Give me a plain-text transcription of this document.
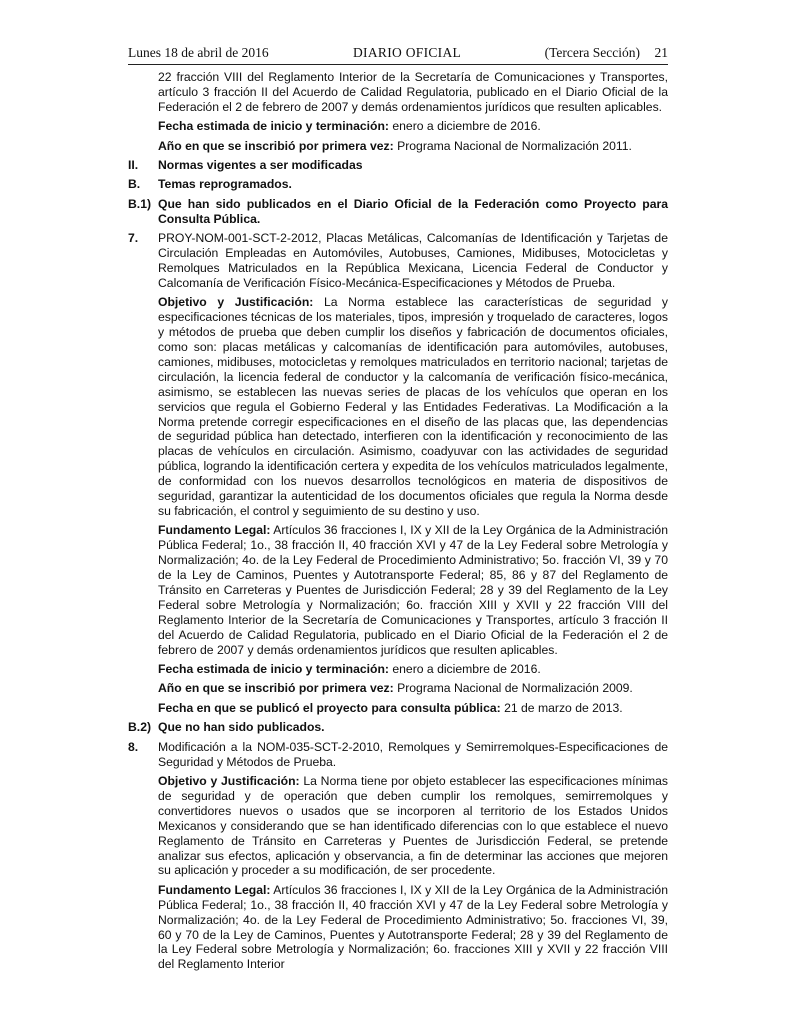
Lunes 18 de abril de 2016	DIARIO OFICIAL	(Tercera Sección) 21

22 fracción VIII del Reglamento Interior de la Secretaría de Comunicaciones y Transportes, artículo 3 fracción II del Acuerdo de Calidad Regulatoria, publicado en el Diario Oficial de la Federación el 2 de febrero de 2007 y demás ordenamientos jurídicos que resulten aplicables.

Fecha estimada de inicio y terminación: enero a diciembre de 2016.

Año en que se inscribió por primera vez: Programa Nacional de Normalización 2011.

II.	Normas vigentes a ser modificadas
B.	Temas reprogramados.
B.1) Que han sido publicados en el Diario Oficial de la Federación como Proyecto para Consulta Pública.
7.	PROY-NOM-001-SCT-2-2012, Placas Metálicas, Calcomanías de Identificación y Tarjetas de Circulación Empleadas en Automóviles, Autobuses, Camiones, Midibuses, Motocicletas y Remolques Matriculados en la República Mexicana, Licencia Federal de Conductor y Calcomanía de Verificación Físico-Mecánica-Especificaciones y Métodos de Prueba.

Objetivo y Justificación: La Norma establece las características de seguridad y especificaciones técnicas de los materiales, tipos, impresión y troquelado de caracteres, logos y métodos de prueba que deben cumplir los diseños y fabricación de documentos oficiales, como son: placas metálicas y calcomanías de identificación para automóviles, autobuses, camiones, midibuses, motocicletas y remolques matriculados en territorio nacional; tarjetas de circulación, la licencia federal de conductor y la calcomanía de verificación físico-mecánica, asimismo, se establecen las nuevas series de placas de los vehículos que operan en los servicios que regula el Gobierno Federal y las Entidades Federativas. La Modificación a la Norma pretende corregir especificaciones en el diseño de las placas que, las dependencias de seguridad pública han detectado, interfieren con la identificación y reconocimiento de las placas de vehículos en circulación. Asimismo, coadyuvar con las actividades de seguridad pública, logrando la identificación certera y expedita de los vehículos matriculados legalmente, de conformidad con los nuevos desarrollos tecnológicos en materia de dispositivos de seguridad, garantizar la autenticidad de los documentos oficiales que regula la Norma desde su fabricación, el control y seguimiento de su destino y uso.

Fundamento Legal: Artículos 36 fracciones I, IX y XII de la Ley Orgánica de la Administración Pública Federal; 1o., 38 fracción II, 40 fracción XVI y 47 de la Ley Federal sobre Metrología y Normalización; 4o. de la Ley Federal de Procedimiento Administrativo; 5o. fracción VI, 39 y 70 de la Ley de Caminos, Puentes y Autotransporte Federal; 85, 86 y 87 del Reglamento de Tránsito en Carreteras y Puentes de Jurisdicción Federal; 28 y 39 del Reglamento de la Ley Federal sobre Metrología y Normalización; 6o. fracción XIII y XVII y 22 fracción VIII del Reglamento Interior de la Secretaría de Comunicaciones y Transportes, artículo 3 fracción II del Acuerdo de Calidad Regulatoria, publicado en el Diario Oficial de la Federación el 2 de febrero de 2007 y demás ordenamientos jurídicos que resulten aplicables.

Fecha estimada de inicio y terminación: enero a diciembre de 2016.

Año en que se inscribió por primera vez: Programa Nacional de Normalización 2009.

Fecha en que se publicó el proyecto para consulta pública: 21 de marzo de 2013.

B.2) Que no han sido publicados.
8.	Modificación a la NOM-035-SCT-2-2010, Remolques y Semirremolques-Especificaciones de Seguridad y Métodos de Prueba.

Objetivo y Justificación: La Norma tiene por objeto establecer las especificaciones mínimas de seguridad y de operación que deben cumplir los remolques, semirremolques y convertidores nuevos o usados que se incorporen al territorio de los Estados Unidos Mexicanos y considerando que se han identificado diferencias con lo que establece el nuevo Reglamento de Tránsito en Carreteras y Puentes de Jurisdicción Federal, se pretende analizar sus efectos, aplicación y observancia, a fin de determinar las acciones que mejoren su aplicación y proceder a su modificación, de ser procedente.

Fundamento Legal: Artículos 36 fracciones I, IX y XII de la Ley Orgánica de la Administración Pública Federal; 1o., 38 fracción II, 40 fracción XVI y 47 de la Ley Federal sobre Metrología y Normalización; 4o. de la Ley Federal de Procedimiento Administrativo; 5o. fracciones VI, 39, 60 y 70 de la Ley de Caminos, Puentes y Autotransporte Federal; 28 y 39 del Reglamento de la Ley Federal sobre Metrología y Normalización; 6o. fracciones XIII y XVII y 22 fracción VIII del Reglamento Interior
